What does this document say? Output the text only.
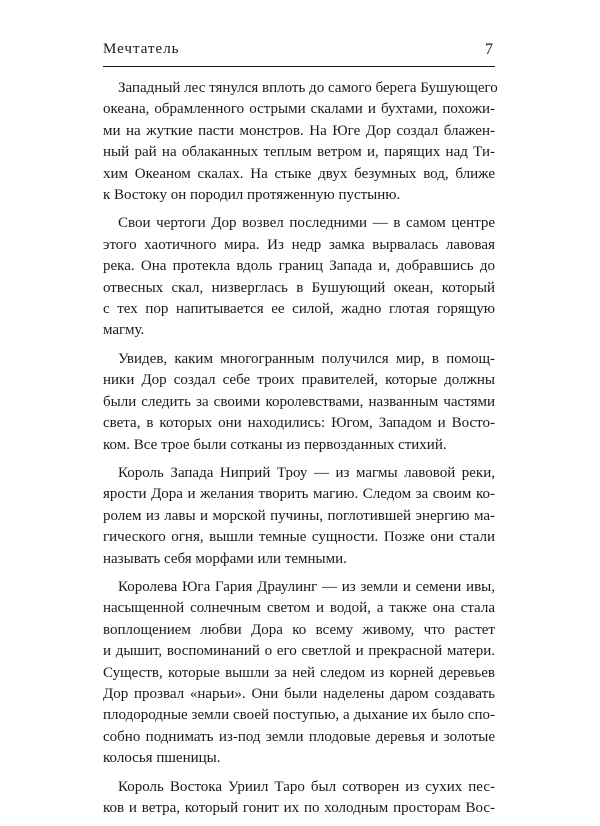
Мечтатель	7

Западный лес тянулся вплоть до самого берега Бушующего
океана, обрамленного острыми скалами и бухтами, похожи-
ми на жуткие пасти монстров. На Юге Дор создал блажен-
ный рай на облаканных теплым ветром и, парящих над Ти-
хим Океаном скалах. На стыке двух безумных вод, ближе
к Востоку он породил протяженную пустыню.

Свои чертоги Дор возвел последними — в самом центре
этого хаотичного мира. Из недр замка вырвалась лавовая
река. Она протекла вдоль границ Запада и, добравшись до
отвесных скал, низверглась в Бушующий океан, который
с тех пор напитывается ее силой, жадно глотая горящую
магму.

Увидев, каким многогранным получился мир, в помощ-
ники Дор создал себе троих правителей, которые должны
были следить за своими королевствами, названным частями
света, в которых они находились: Югом, Западом и Восто-
ком. Все трое были сотканы из первозданных стихий.

Король Запада Ниприй Троу — из магмы лавовой реки,
ярости Дора и желания творить магию. Следом за своим ко-
ролем из лавы и морской пучины, поглотившей энергию ма-
гического огня, вышли темные сущности. Позже они стали
называть себя морфами или темными.

Королева Юга Гария Драулинг — из земли и семени ивы,
насыщенной солнечным светом и водой, а также она стала
воплощением любви Дора ко всему живому, что растет
и дышит, воспоминаний о его светлой и прекрасной матери.
Существ, которые вышли за ней следом из корней деревьев
Дор прозвал «нарьи». Они были наделены даром создавать
плодородные земли своей поступью, а дыхание их было спо-
собно поднимать из-под земли плодовые деревья и золотые
колосья пшеницы.

Король Востока Уриил Таро был сотворен из сухих пес-
ков и ветра, который гонит их по холодным просторам Вос-
